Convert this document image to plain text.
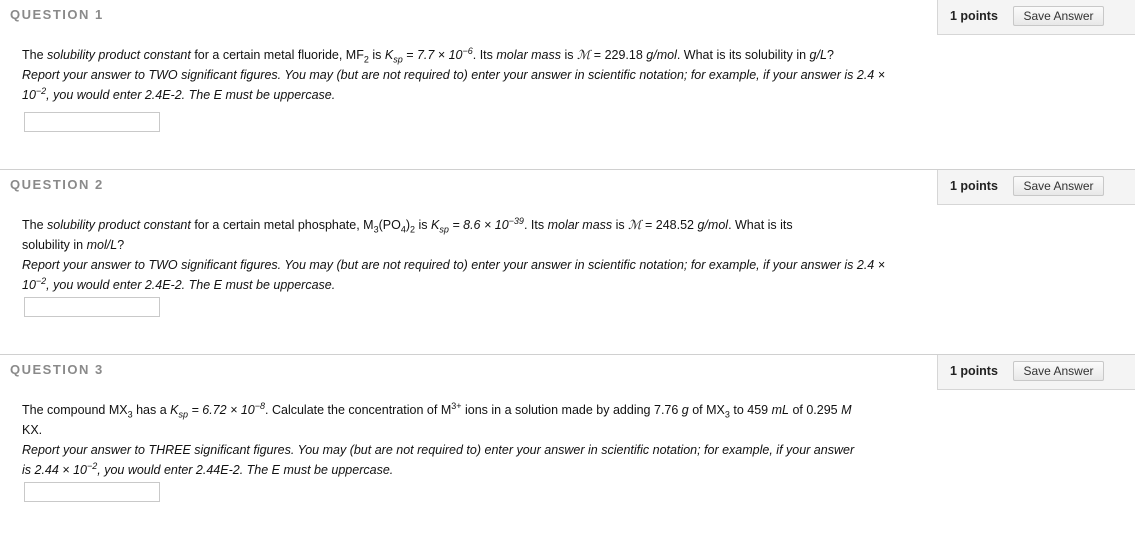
QUESTION 1	1 points	Save Answer

The solubility product constant for a certain metal fluoride, $MF_2$ is $K_{sp} = 7.7 \times 10^{-6}$. Its molar mass is ℳ = 229.18 g/mol. What is its solubility in g/L?

Report your answer to TWO significant figures. You may (but are not required to) enter your answer in scientific notation; for example, if your answer is $2.4 \times 10^{-2}$, you would enter 2.4E-2. The E must be uppercase.

QUESTION 2	1 points	Save Answer

The solubility product constant for a certain metal phosphate, $M_3(PO_4)_2$ is $K_{sp} = 8.6 \times 10^{-39}$. Its molar mass is ℳ = 248.52 g/mol. What is its solubility in mol/L?

Report your answer to TWO significant figures. You may (but are not required to) enter your answer in scientific notation; for example, if your answer is $2.4 \times 10^{-2}$, you would enter 2.4E-2. The E must be uppercase.

QUESTION 3	1 points	Save Answer

The compound $MX_3$ has a $K_{sp} = 6.72 \times 10^{-8}$. Calculate the concentration of $M^{3+}$ ions in a solution made by adding 7.76 g of $MX_3$ to 459 mL of 0.295 M KX.

Report your answer to THREE significant figures. You may (but are not required to) enter your answer in scientific notation; for example, if your answer is $2.44 \times 10^{-2}$, you would enter 2.44E-2. The E must be uppercase.
